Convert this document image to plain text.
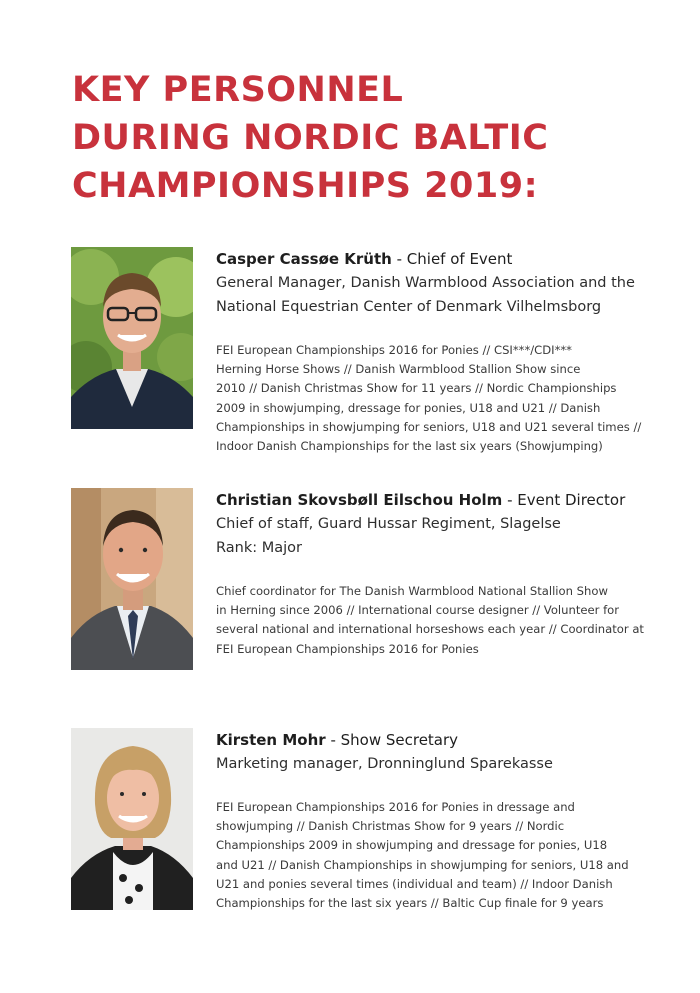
KEY PERSONNEL
DURING NORDIC BALTIC
CHAMPIONSHIPS 2019:

Casper Cassøe Krüth - Chief of Event

General Manager, Danish Warmblood Association and the

National Equestrian Center of Denmark Vilhelmsborg

FEI European Championships 2016 for Ponies // CSI***/CDI***
Herning Horse Shows // Danish Warmblood Stallion Show since
2010 // Danish Christmas Show for 11 years // Nordic Championships
2009 in showjumping, dressage for ponies, U18 and U21 // Danish
Championships in showjumping for seniors, U18 and U21 several times //
Indoor Danish Championships for the last six years (Showjumping)

Christian Skovsbøll Eilschou Holm - Event Director

Chief of staff, Guard Hussar Regiment, Slagelse

Rank: Major

Chief coordinator for The Danish Warmblood National Stallion Show
in Herning since 2006 // International course designer // Volunteer for
several national and international horseshows each year // Coordinator at
FEI European Championships 2016 for Ponies

Kirsten Mohr - Show Secretary

Marketing manager, Dronninglund Sparekasse

FEI European Championships 2016 for Ponies in dressage and
showjumping // Danish Christmas Show for 9 years // Nordic
Championships 2009 in showjumping and dressage for ponies, U18
and U21 // Danish Championships in showjumping for seniors, U18 and
U21 and ponies several times (individual and team) // Indoor Danish
Championships for the last six years // Baltic Cup finale for 9 years
